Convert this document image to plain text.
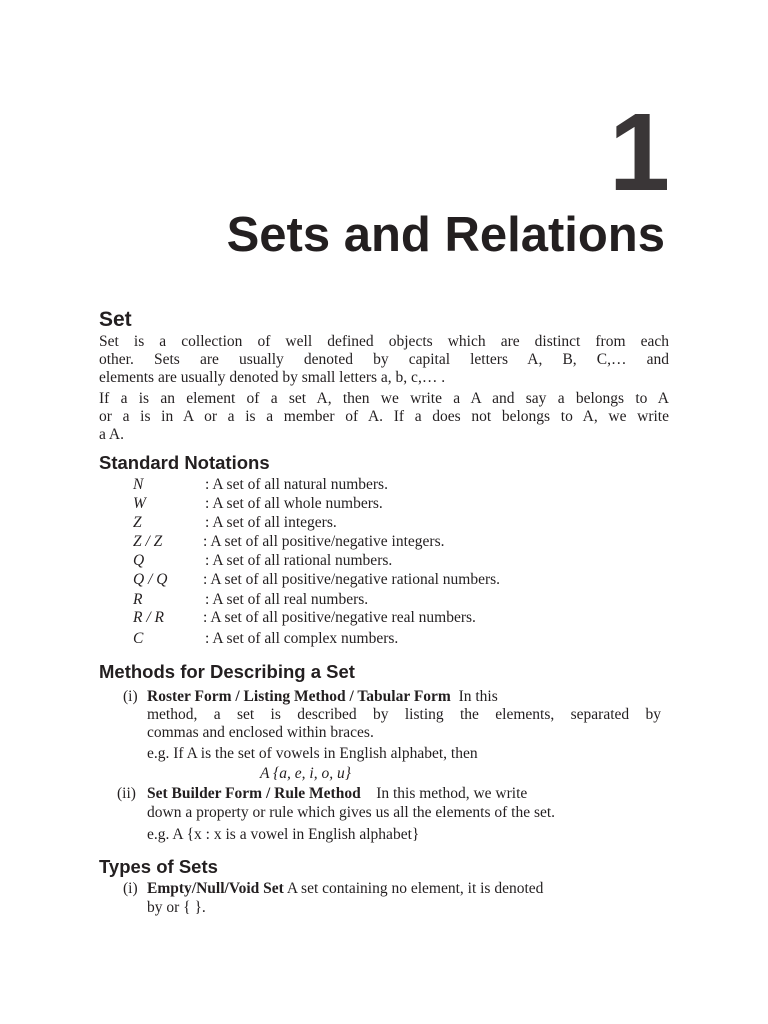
1
Sets and Relations
Set
Set is a collection of well defined objects which are distinct from each
other. Sets are usually denoted by capital letters A, B, C,… and
elements are usually denoted by small letters a, b, c,… .
If a is an element of a set A, then we write a A and say a belongs to A
or a is in A or a is a member of A. If a does not belongs to A, we write
a A.
Standard Notations
N	: A set of all natural numbers.
W	: A set of all whole numbers.
Z	: A set of all integers.
Z / Z	: A set of all positive/negative integers.
Q	: A set of all rational numbers.
Q / Q : A set of all positive/negative rational numbers.
R	: A set of all real numbers.
R / R	: A set of all positive/negative real numbers.
C	: A set of all complex numbers.
Methods for Describing a Set
(i) Roster Form / Listing Method / Tabular Form In this
method, a set is described by listing the elements, separated by
commas and enclosed within braces.
e.g. If A is the set of vowels in English alphabet, then
A {a, e, i, o, u}
(ii) Set Builder Form / Rule Method In this method, we write
down a property or rule which gives us all the elements of the set.
e.g. A {x : x is a vowel in English alphabet}
Types of Sets
(i) Empty/Null/Void Set A set containing no element, it is denoted
by or { }.
